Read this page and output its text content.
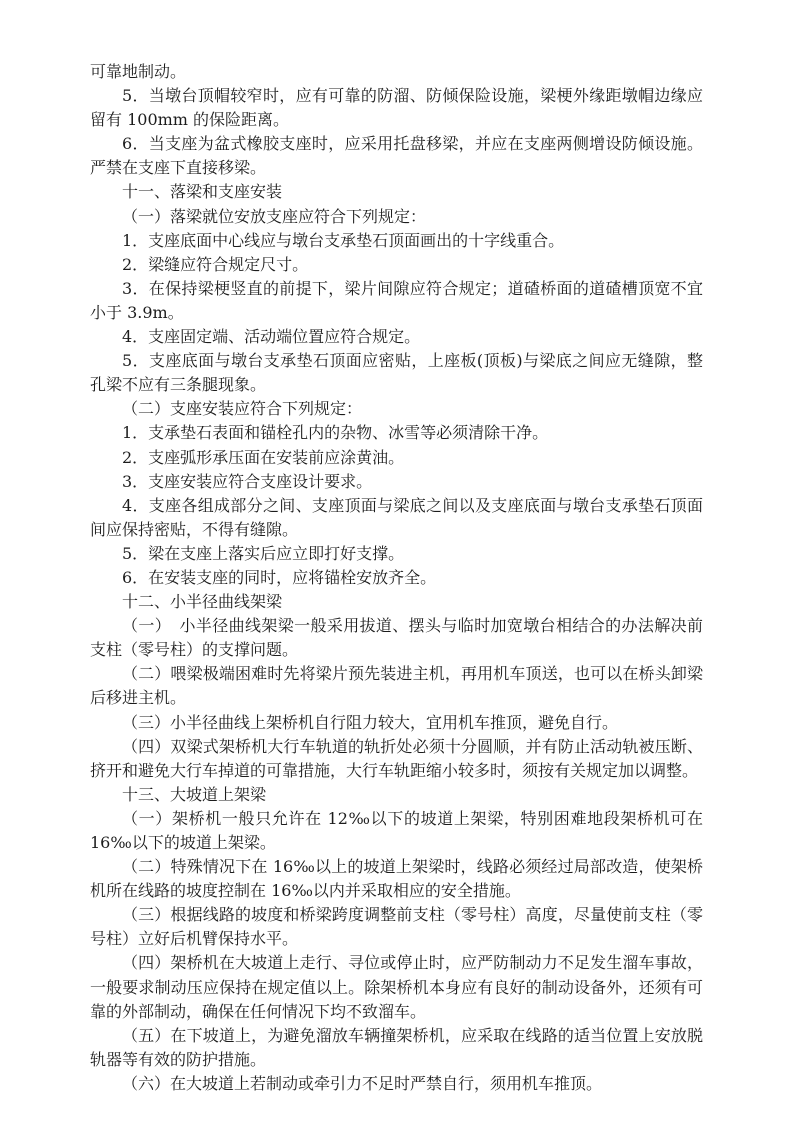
可靠地制动。

5．当墩台顶帽较窄时，应有可靠的防溜、防倾保险设施，梁梗外缘距墩帽边缘应留有 100mm 的保险距离。

6．当支座为盆式橡胶支座时，应采用托盘移梁，并应在支座两侧增设防倾设施。严禁在支座下直接移梁。

十一、落梁和支座安装

（一）落梁就位安放支座应符合下列规定：

1．支座底面中心线应与墩台支承垫石顶面画出的十字线重合。

2．梁缝应符合规定尺寸。

3．在保持梁梗竖直的前提下，梁片间隙应符合规定；道碴桥面的道碴槽顶宽不宜小于 3.9m。

4．支座固定端、活动端位置应符合规定。

5．支座底面与墩台支承垫石顶面应密贴，上座板(顶板)与梁底之间应无缝隙，整孔梁不应有三条腿现象。

（二）支座安装应符合下列规定：

1．支承垫石表面和锚栓孔内的杂物、冰雪等必须清除干净。

2．支座弧形承压面在安装前应涂黄油。

3．支座安装应符合支座设计要求。

4．支座各组成部分之间、支座顶面与梁底之间以及支座底面与墩台支承垫石顶面间应保持密贴，不得有缝隙。

5．梁在支座上落实后应立即打好支撑。

6．在安装支座的同时，应将锚栓安放齐全。

十二、小半径曲线架梁

（一）　小半径曲线架梁一般采用拔道、摆头与临时加宽墩台相结合的办法解决前支柱（零号柱）的支撑问题。

（二）喂梁极端困难时先将梁片预先装进主机，再用机车顶送，也可以在桥头卸梁后移进主机。

（三）小半径曲线上架桥机自行阻力较大，宜用机车推顶，避免自行。

（四）双梁式架桥机大行车轨道的轨折处必须十分圆顺，并有防止活动轨被压断、挤开和避免大行车掉道的可靠措施，大行车轨距缩小较多时，须按有关规定加以调整。

十三、大坡道上架梁

（一）架桥机一般只允许在 12‰以下的坡道上架梁，特别困难地段架桥机可在 16‰以下的坡道上架梁。

（二）特殊情况下在 16‰以上的坡道上架梁时，线路必须经过局部改造，使架桥机所在线路的坡度控制在 16‰以内并采取相应的安全措施。

（三）根据线路的坡度和桥梁跨度调整前支柱（零号柱）高度，尽量使前支柱（零号柱）立好后机臂保持水平。

（四）架桥机在大坡道上走行、寻位或停止时，应严防制动力不足发生溜车事故，一般要求制动压应保持在规定值以上。除架桥机本身应有良好的制动设备外，还须有可靠的外部制动，确保在任何情况下均不致溜车。

（五）在下坡道上，为避免溜放车辆撞架桥机，应采取在线路的适当位置上安放脱轨器等有效的防护措施。

（六）在大坡道上若制动或牵引力不足时严禁自行，须用机车推顶。
